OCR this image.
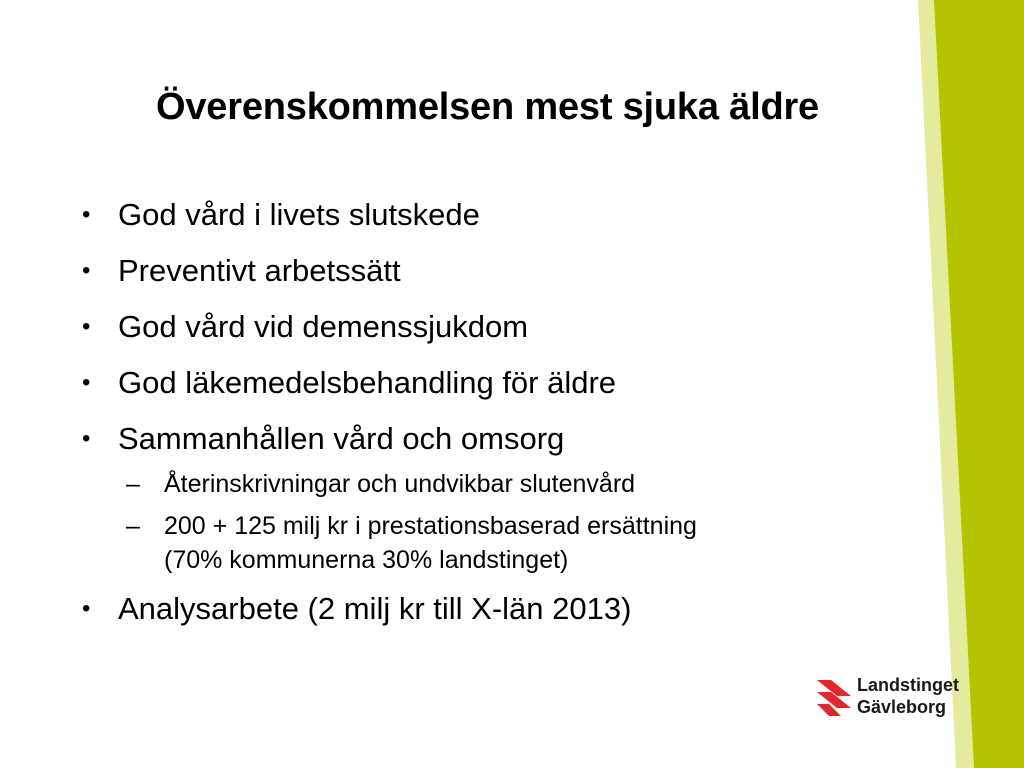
Överenskommelsen mest sjuka äldre
• God vård i livets slutskede
• Preventivt arbetssätt
• God vård vid demenssjukdom
• God läkemedelsbehandling för äldre
• Sammanhållen vård och omsorg
– Återinskrivningar och undvikbar slutenvård
– 200 + 125 milj kr i prestationsbaserad ersättning
(70% kommunerna 30% landstinget)
• Analysarbete (2 milj kr till X-län 2013)
Landstinget
Gävleborg
